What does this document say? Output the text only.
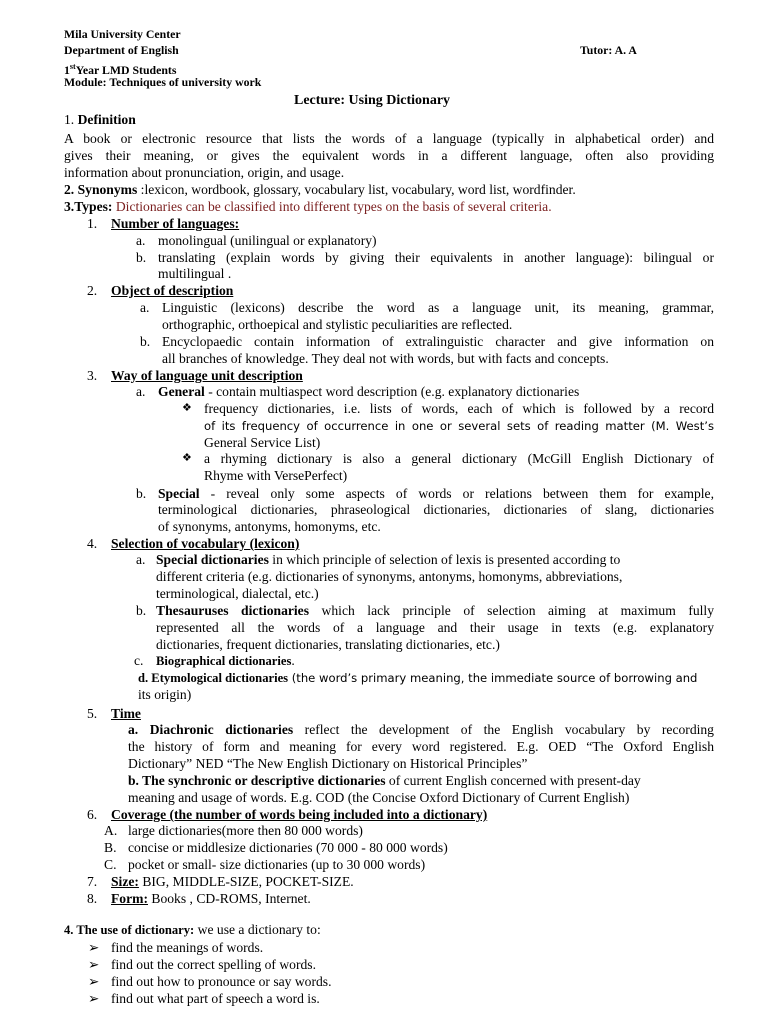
Mila University Center
Department of English	Tutor: A. A
1stYear LMD Students
Module: Techniques of university work
Lecture: Using Dictionary
1. Definition
A book or electronic resource that lists the words of a language (typically in alphabetical order) and
gives their meaning, or gives the equivalent words in a different language, often also providing
information about pronunciation, origin, and usage.
2. Synonyms :lexicon, wordbook, glossary, vocabulary list, vocabulary, word list, wordfinder.
3.Types: Dictionaries can be classified into different types on the basis of several criteria.
1. Number of languages:
a. monolingual (unilingual or explanatory)
b. translating (explain words by giving their equivalents in another language): bilingual or
multilingual .
2. Object of description
a. Linguistic (lexicons) describe the word as a language unit, its meaning, grammar,
orthographic, orthoepical and stylistic peculiarities are reflected.
b. Encyclopaedic contain information of extralinguistic character and give information on
all branches of knowledge. They deal not with words, but with facts and concepts.
3. Way of language unit description
a. General - contain multiaspect word description (e.g. explanatory dictionaries
❖ frequency dictionaries, i.e. lists of words, each of which is followed by a record
of its frequency of occurrence in one or several sets of reading matter (M. West’s
General Service List)
❖ a rhyming dictionary is also a general dictionary (McGill English Dictionary of
Rhyme with VersePerfect)
b. Special - reveal only some aspects of words or relations between them for example,
terminological dictionaries, phraseological dictionaries, dictionaries of slang, dictionaries
of synonyms, antonyms, homonyms, etc.
4. Selection of vocabulary (lexicon)
a. Special dictionaries in which principle of selection of lexis is presented according to
different criteria (e.g. dictionaries of synonyms, antonyms, homonyms, abbreviations,
terminological, dialectal, etc.)
b. Thesauruses dictionaries which lack principle of selection aiming at maximum fully
represented all the words of a language and their usage in texts (e.g. explanatory
dictionaries, frequent dictionaries, translating dictionaries, etc.)
c. Biographical dictionaries.
d. Etymological dictionaries (the word’s primary meaning, the immediate source of borrowing and
its origin)
5. Time
a. Diachronic dictionaries reflect the development of the English vocabulary by recording
the history of form and meaning for every word registered. E.g. OED “The Oxford English
Dictionary” NED “The New English Dictionary on Historical Principles”
b. The synchronic or descriptive dictionaries of current English concerned with present-day
meaning and usage of words. E.g. COD (the Concise Oxford Dictionary of Current English)
6. Coverage (the number of words being included into a dictionary)
A. large dictionaries(more then 80 000 words)
B. concise or middlesize dictionaries (70 000 - 80 000 words)
C. pocket or small- size dictionaries (up to 30 000 words)
7. Size: BIG, MIDDLE-SIZE, POCKET-SIZE.
8. Form: Books , CD-ROMS, Internet.
4. The use of dictionary: we use a dictionary to:
➢ find the meanings of words.
➢ find out the correct spelling of words.
➢ find out how to pronounce or say words.
➢ find out what part of speech a word is.
